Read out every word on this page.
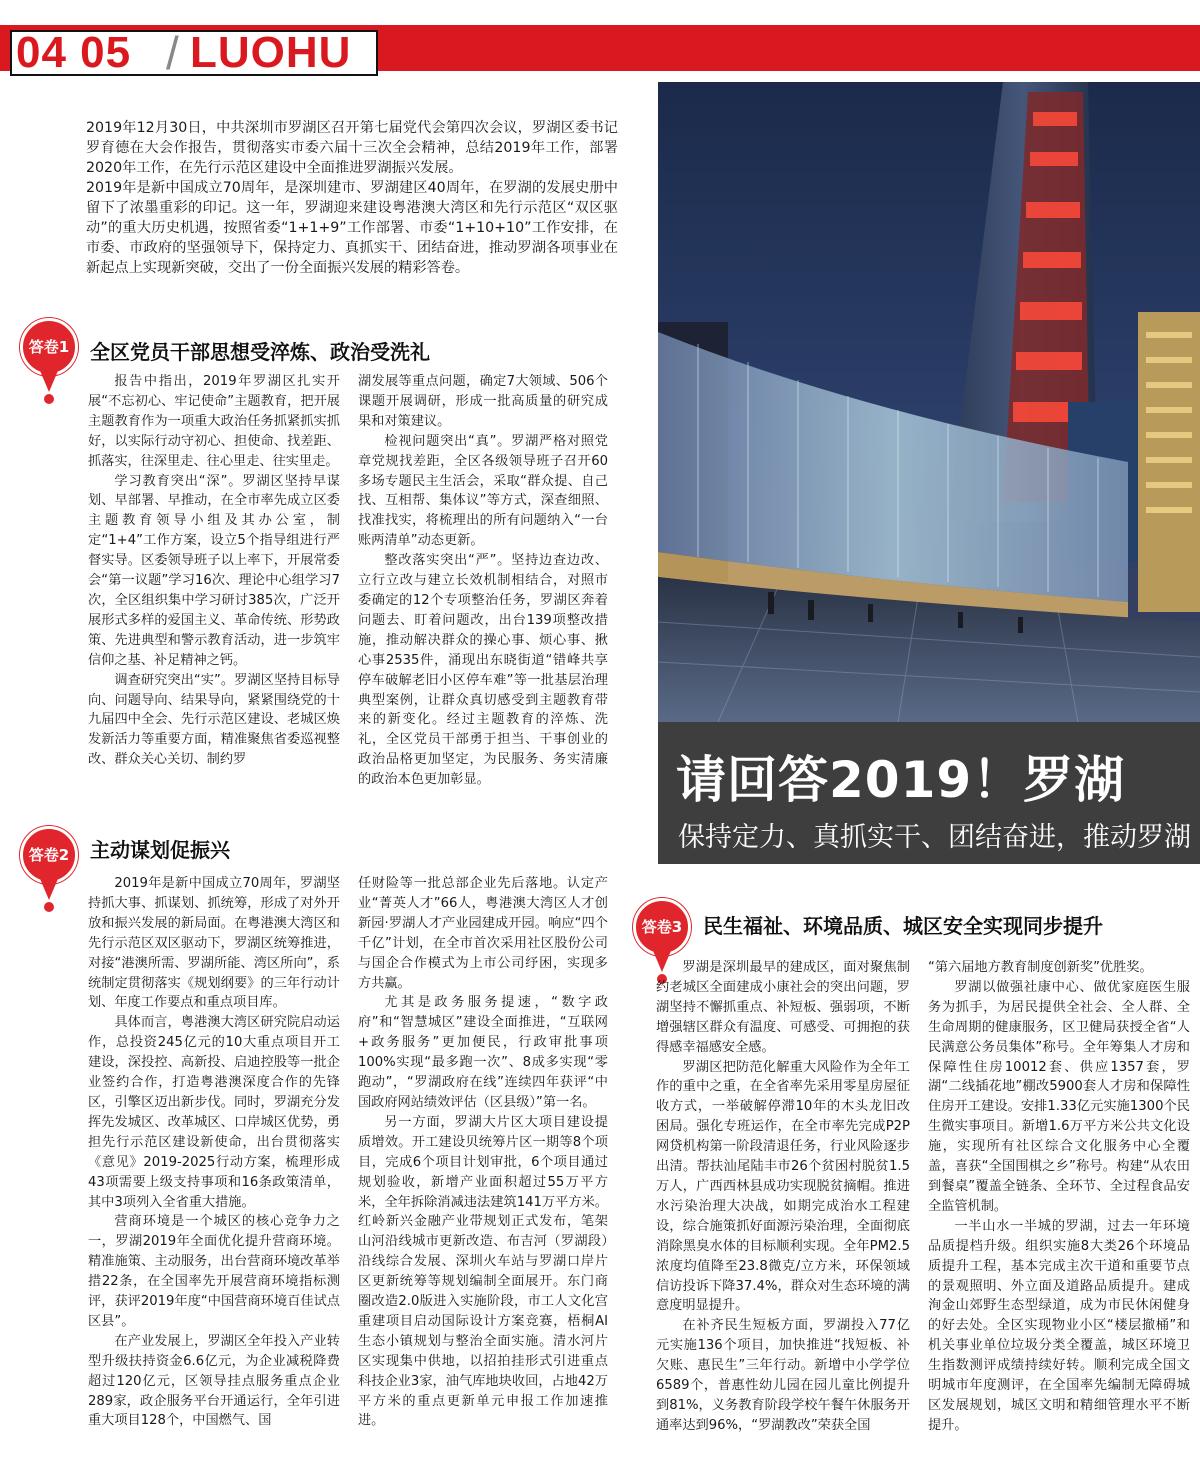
04 05 / LUOHU 大事

2019年12月30日，中共深圳市罗湖区召开第七届党代会第四次会议，罗湖区委书记罗育德在大会作报告，贯彻落实市委六届十三次全会精神，总结2019年工作，部署2020年工作，在先行示范区建设中全面推进罗湖振兴发展。

2019年是新中国成立70周年，是深圳建市、罗湖建区40周年，在罗湖的发展史册中留下了浓墨重彩的印记。这一年，罗湖迎来建设粤港澳大湾区和先行示范区“双区驱动”的重大历史机遇，按照省委“1+1+9”工作部署、市委“1+10+10”工作安排，在市委、市政府的坚强领导下，保持定力、真抓实干、团结奋进，推动罗湖各项事业在新起点上实现新突破，交出了一份全面振兴发展的精彩答卷。

答卷1	全区党员干部思想受淬炼、政治受洗礼

报告中指出，2019年罗湖区扎实开展“不忘初心、牢记使命”主题教育，把开展主题教育作为一项重大政治任务抓紧抓实抓好，以实际行动守初心、担使命、找差距、抓落实，往深里走、往心里走、往实里走。

学习教育突出“深”。罗湖区坚持早谋划、早部署、早推动，在全市率先成立区委主题教育领导小组及其办公室，制定“1+4”工作方案，设立5个指导组进行严督实导。区委领导班子以上率下，开展常委会“第一议题”学习16次、理论中心组学习7次，全区组织集中学习研讨385次，广泛开展形式多样的爱国主义、革命传统、形势政策、先进典型和警示教育活动，进一步筑牢信仰之基、补足精神之钙。

调查研究突出“实”。罗湖区坚持目标导向、问题导向、结果导向，紧紧围绕党的十九届四中全会、先行示范区建设、老城区焕发新活力等重要方面，精准聚焦省委巡视整改、群众关心关切、制约罗

湖发展等重点问题，确定7大领域、506个课题开展调研，形成一批高质量的研究成果和对策建议。

检视问题突出“真”。罗湖严格对照党章党规找差距，全区各级领导班子召开60多场专题民主生活会，采取“群众提、自己找、互相帮、集体议”等方式，深查细照、找准找实，将梳理出的所有问题纳入“一台账两清单”动态更新。

整改落实突出“严”。坚持边查边改、立行立改与建立长效机制相结合，对照市委确定的12个专项整治任务，罗湖区奔着问题去、盯着问题改，出台139项整改措施，推动解决群众的操心事、烦心事、揪心事2535件，涌现出东晓街道“错峰共享停车破解老旧小区停车难”等一批基层治理典型案例，让群众真切感受到主题教育带来的新变化。经过主题教育的淬炼、洗礼，全区党员干部勇于担当、干事创业的政治品格更加坚定，为民服务、务实清廉的政治本色更加彰显。

答卷2	主动谋划促振兴

2019年是新中国成立70周年，罗湖坚持抓大事、抓谋划、抓统筹，形成了对外开放和振兴发展的新局面。在粤港澳大湾区和先行示范区双区驱动下，罗湖区统筹推进，对接“港澳所需、罗湖所能、湾区所向”，系统制定贯彻落实《规划纲要》的三年行动计划、年度工作要点和重点项目库。

具体而言，粤港澳大湾区研究院启动运作，总投资245亿元的10大重点项目开工建设，深投控、高新投、启迪控股等一批企业签约合作，打造粤港澳深度合作的先锋区，引擎区迈出新步伐。同时，罗湖充分发挥先发城区、改革城区、口岸城区优势，勇担先行示范区建设新使命，出台贯彻落实《意见》2019-2025行动方案，梳理形成43项需要上级支持事项和16条政策清单，其中3项列入全省重大措施。

营商环境是一个城区的核心竞争力之一，罗湖2019年全面优化提升营商环境。精准施策、主动服务，出台营商环境改革举措22条，在全国率先开展营商环境指标测评，获评2019年度“中国营商环境百佳试点区县”。

在产业发展上，罗湖区全年投入产业转型升级扶持资金6.6亿元，为企业减税降费超过120亿元，区领导挂点服务重点企业289家，政企服务平台开通运行，全年引进重大项目128个，中国燃气、国

任财险等一批总部企业先后落地。认定产业“菁英人才”66人，粤港澳大湾区人才创新园·罗湖人才产业园建成开园。响应“四个千亿”计划，在全市首次采用社区股份公司与国企合作模式为上市公司纾困，实现多方共赢。

尤其是政务服务提速，“数字政府”和“智慧城区”建设全面推进，“互联网+政务服务”更加便民，行政审批事项100%实现“最多跑一次”、8成多实现“零跑动”，“罗湖政府在线”连续四年获评“中国政府网站绩效评估（区县级）”第一名。

另一方面，罗湖大片区大项目建设提质增效。开工建设贝统筹片区一期等8个项目，完成6个项目计划审批，6个项目通过规划验收，新增产业面积超过55万平方米，全年拆除消减违法建筑141万平方米。红岭新兴金融产业带规划正式发布，笔架山河沿线城市更新改造、布吉河（罗湖段）沿线综合发展、深圳火车站与罗湖口岸片区更新统筹等规划编制全面展开。东门商圈改造2.0版进入实施阶段，市工人文化宫重建项目启动国际设计方案竞赛，梧桐AI生态小镇规划与整治全面实施。清水河片区实现集中供地，以招拍挂形式引进重点科技企业3家，油气库地块收回，占地42万平方米的重点更新单元申报工作加速推进。

请回答2019！罗湖
保持定力、真抓实干、团结奋进，推动罗湖
答卷3	民生福祉、环境品质、城区安全实现同步提升

罗湖是深圳最早的建成区，面对聚焦制约老城区全面建成小康社会的突出问题，罗湖坚持不懈抓重点、补短板、强弱项，不断增强辖区群众有温度、可感受、可拥抱的获得感幸福感安全感。

罗湖区把防范化解重大风险作为全年工作的重中之重，在全省率先采用零星房屋征收方式，一举破解停滞10年的木头龙旧改困局。强化专班运作，在全市率先完成P2P网贷机构第一阶段清退任务，行业风险逐步出清。帮扶汕尾陆丰市26个贫困村脱贫1.5万人，广西西林县成功实现脱贫摘帽。推进水污染治理大决战，如期完成治水工程建设，综合施策抓好面源污染治理，全面彻底消除黑臭水体的目标顺利实现。全年PM2.5浓度均值降至23.8微克/立方米，环保领域信访投诉下降37.4%，群众对生态环境的满意度明显提升。

在补齐民生短板方面，罗湖投入77亿元实施136个项目，加快推进“找短板、补欠账、惠民生”三年行动。新增中小学学位6589个，普惠性幼儿园在园儿童比例提升到81%，义务教育阶段学校午餐午休服务开通率达到96%，“罗湖教改”荣获全国

“第六届地方教育制度创新奖”优胜奖。

罗湖以做强社康中心、做优家庭医生服务为抓手，为居民提供全社会、全人群、全生命周期的健康服务，区卫健局获授全省“人民满意公务员集体”称号。全年筹集人才房和保障性住房10012套、供应1357套，罗湖“二线插花地”棚改5900套人才房和保障性住房开工建设。安排1.33亿元实施1300个民生微实事项目。新增1.6万平方米公共文化设施，实现所有社区综合文化服务中心全覆盖，喜获“全国围棋之乡”称号。构建“从农田到餐桌”覆盖全链条、全环节、全过程食品安全监管机制。

一半山水一半城的罗湖，过去一年环境品质提档升级。组织实施8大类26个环境品质提升工程，基本完成主次干道和重要节点的景观照明、外立面及道路品质提升。建成洵金山郊野生态型绿道，成为市民休闲健身的好去处。全区实现物业小区“楼层撤桶”和机关事业单位垃圾分类全覆盖，城区环境卫生指数测评成绩持续好转。顺利完成全国文明城市年度测评，在全国率先编制无障碍城区发展规划，城区文明和精细管理水平不断提升。
